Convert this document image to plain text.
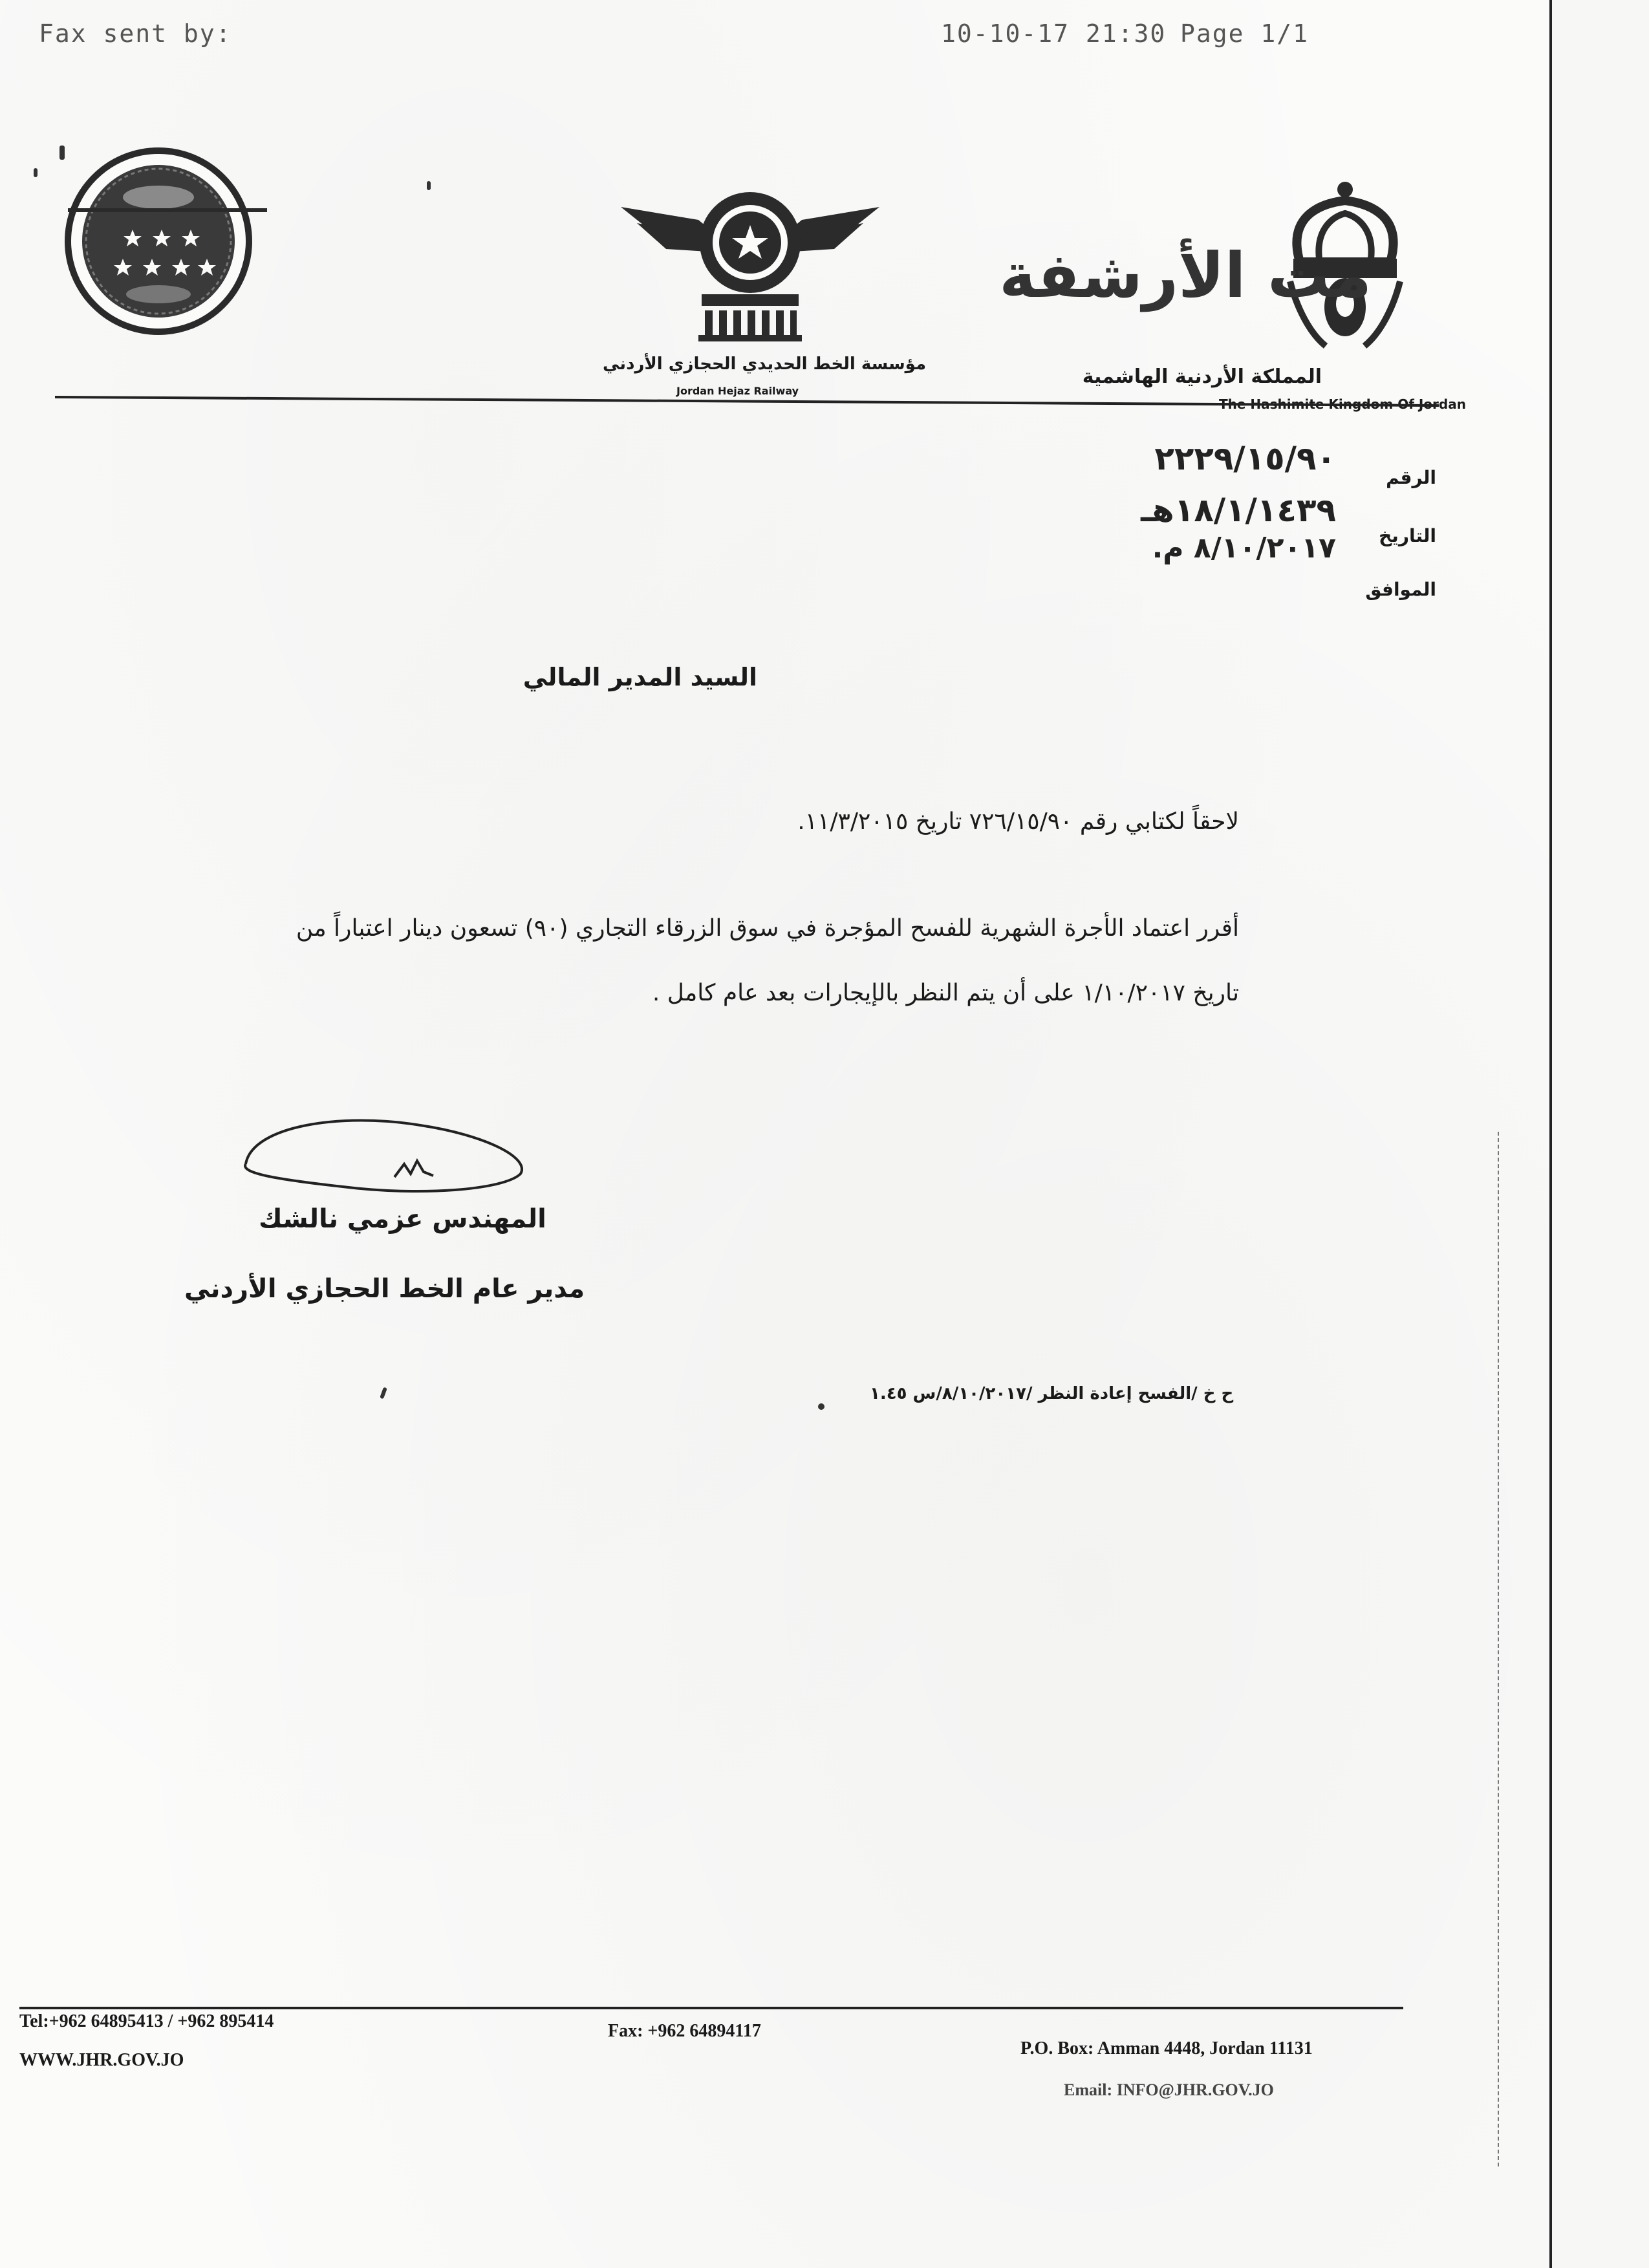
Fax sent by:	10-10-17 21:30 Page 1/1
مت الأرشفة
المملكة الأردنية الهاشمية
The Hashimite Kingdom Of Jordan
مؤسسة الخط الحديدي الحجازي الأردني
Jordan Hejaz Railway
الرقم
٢٢٢٩/١٥/٩٠
التاريخ
١٨/١/١٤٣٩هـ
الموافق
٨/١٠/٢٠١٧ م.
السيد المدير المالي
لاحقاً لكتابي رقم ٧٢٦/١٥/٩٠ تاريخ ١١/٣/٢٠١٥.
أقرر اعتماد الأجرة الشهرية للفسح المؤجرة في سوق الزرقاء التجاري (٩٠) تسعون دينار اعتباراً من
تاريخ ١/١٠/٢٠١٧ على أن يتم النظر بالإيجارات بعد عام كامل .
المهندس عزمي نالشك
مدير عام الخط الحجازي الأردني
ح خ /الفسح إعادة النظر /٨/١٠/٢٠١٧/س ١.٤٥
Tel:+962 64895413 / +962 895414
WWW.JHR.GOV.JO
Fax: +962 64894117
P.O. Box: Amman 4448, Jordan 11131
Email: INFO@JHR.GOV.JO
